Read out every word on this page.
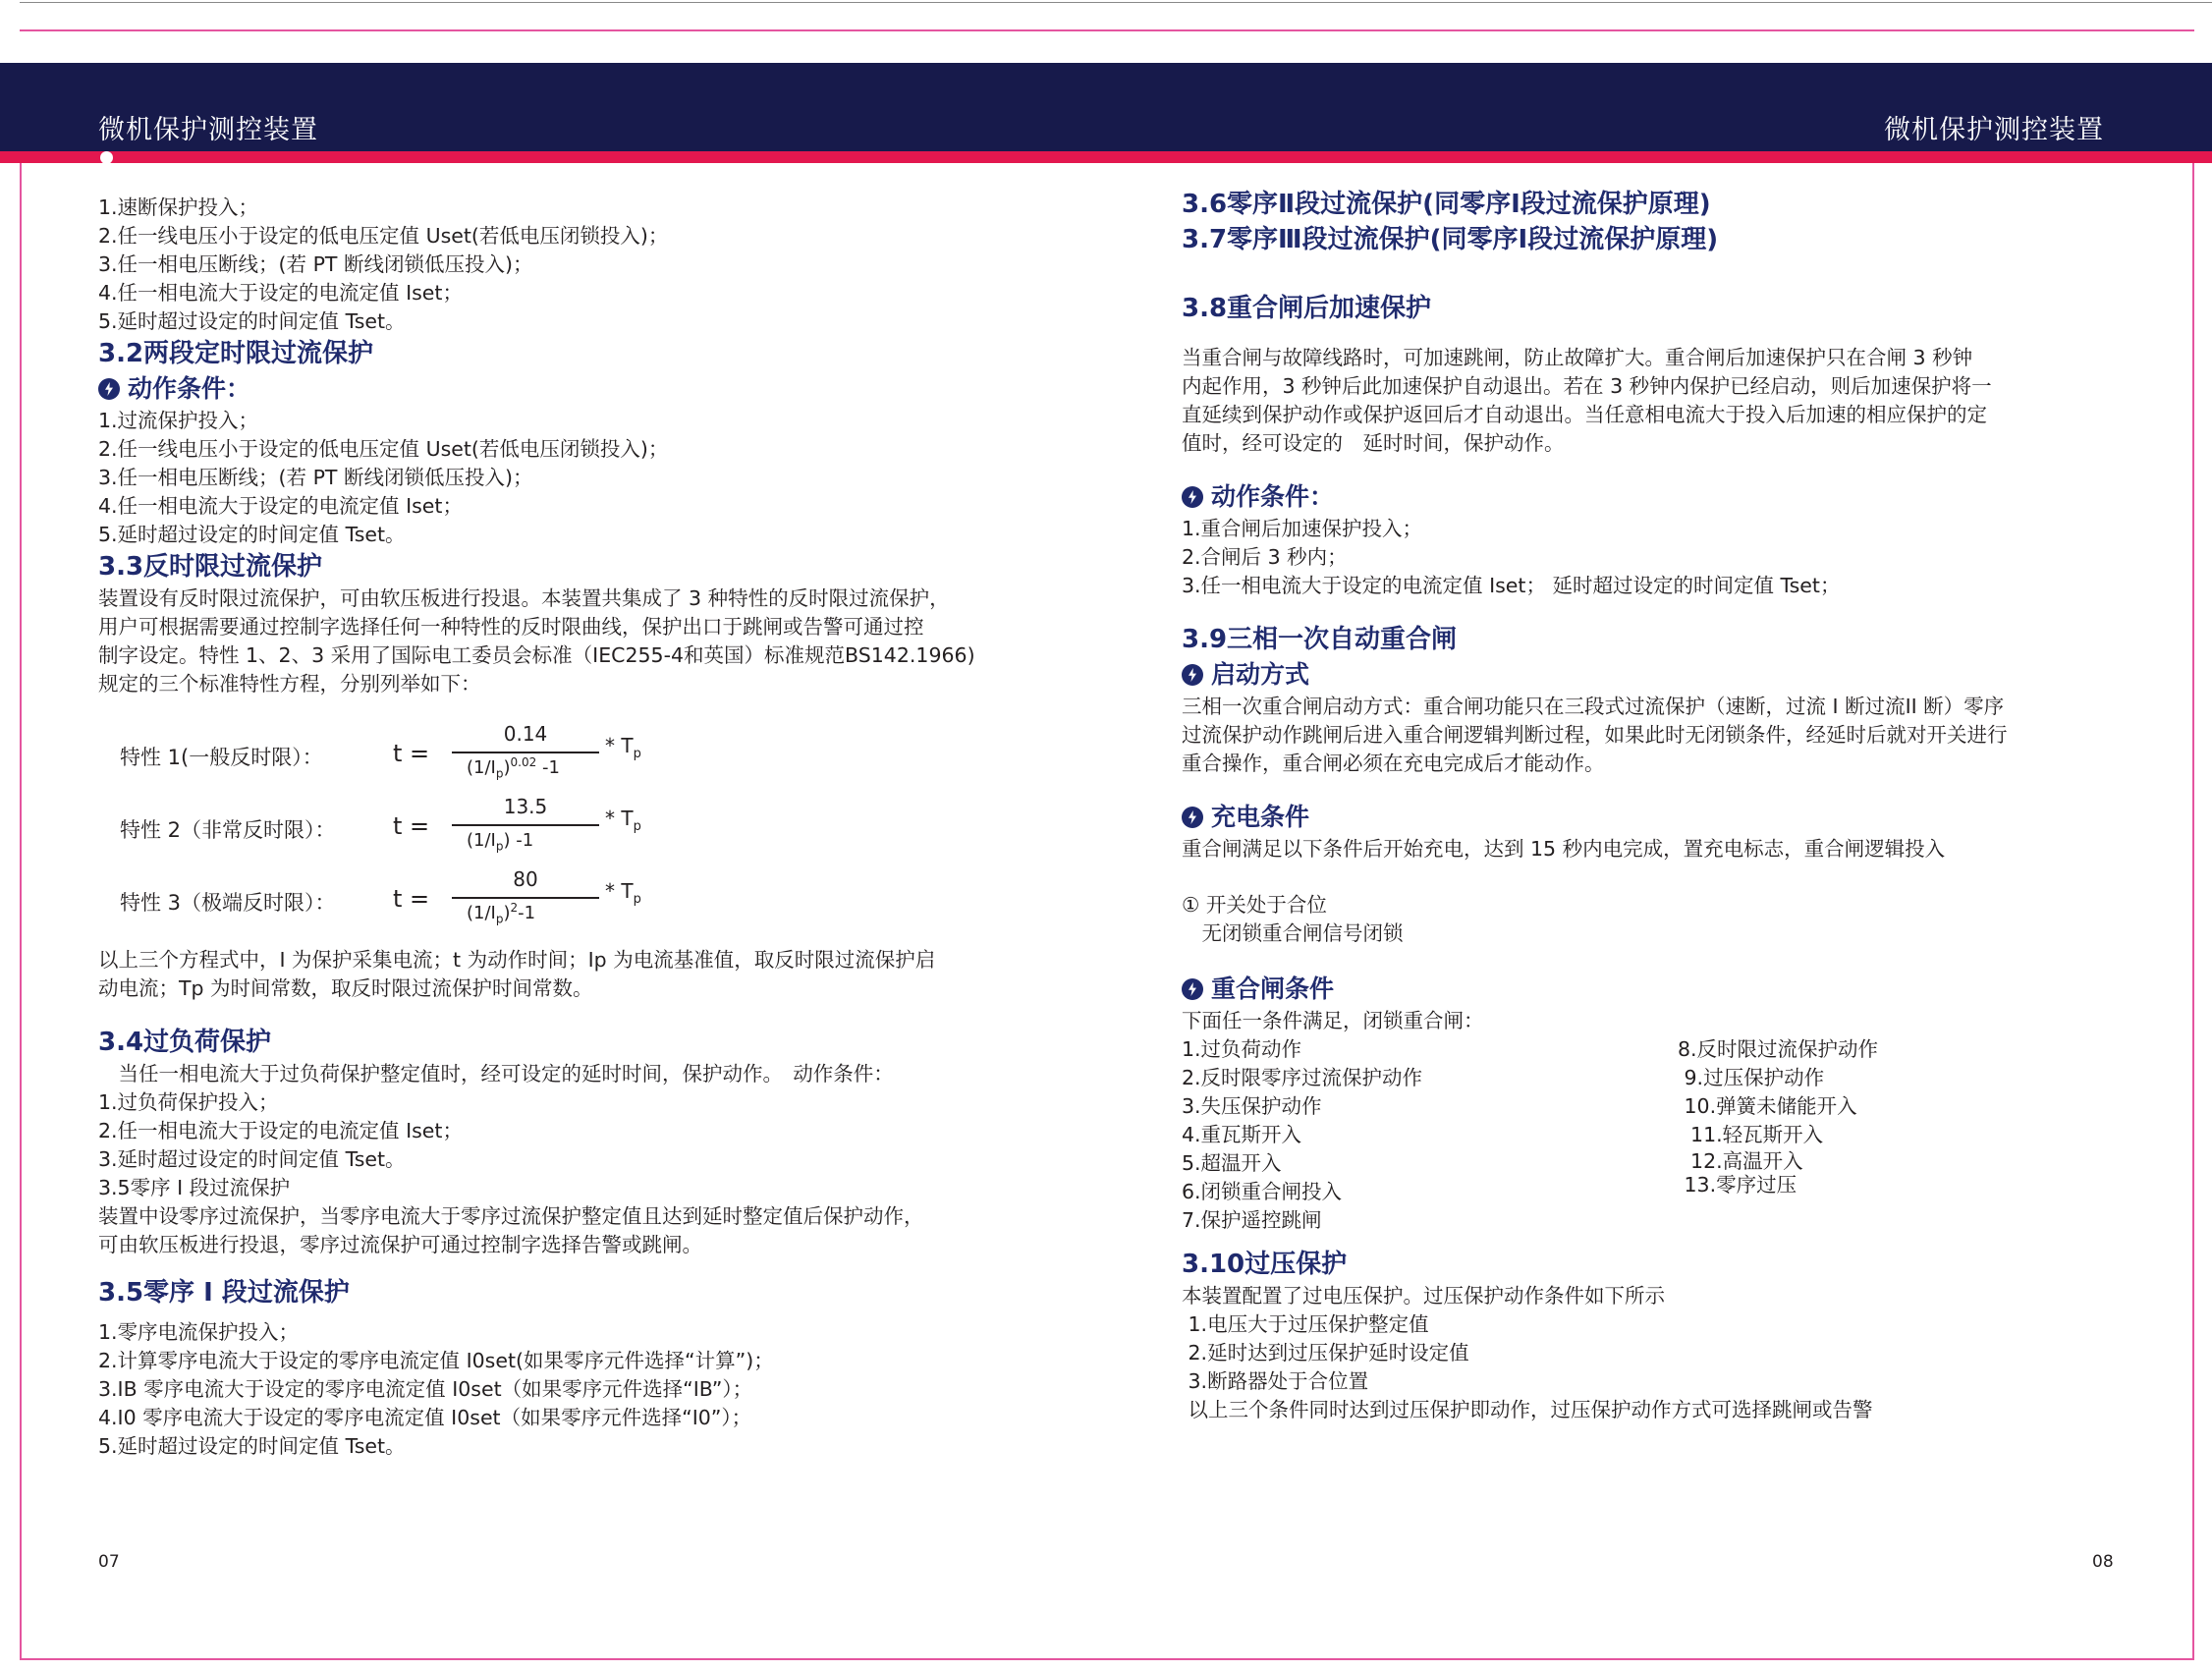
微机保护测控装置	微机保护测控装置

1.速断保护投入；

2.任一线电压小于设定的低电压定值 Uset(若低电压闭锁投入)；

3.任一相电压断线；(若 PT 断线闭锁低压投入)；

4.任一相电流大于设定的电流定值 Iset；

5.延时超过设定的时间定值 Tset。

3.2两段定时限过流保护
动作条件：

1.过流保护投入；

2.任一线电压小于设定的低电压定值 Uset(若低电压闭锁投入)；

3.任一相电压断线；(若 PT 断线闭锁低压投入)；

4.任一相电流大于设定的电流定值 Iset；

5.延时超过设定的时间定值 Tset。

3.3反时限过流保护

装置设有反时限过流保护，可由软压板进行投退。本装置共集成了 3 种特性的反时限过流保护，

用户可根据需要通过控制字选择任何一种特性的反时限曲线，保护出口于跳闸或告警可通过控

制字设定。特性 1、2、3 采用了国际电工委员会标准（IEC255-4和英国）标准规范BS142.1966)

规定的三个标准特性方程，分别列举如下：

特性 1(一般反时限）：	t =
0.14
$(1/I_p)^{0.02}$ -1
* $T_p$
特性 2（非常反时限）： t =
13.5
$(1/I_p)$ -1
* $T_p$
特性 3（极端反时限）： t =
80
$(1/I_p)^2-1$
* $T_p$

以上三个方程式中，I 为保护采集电流；t 为动作时间；Ip 为电流基准值，取反时限过流保护启

动电流；Tp 为时间常数，取反时限过流保护时间常数。

3.4过负荷保护

　当任一相电流大于过负荷保护整定值时，经可设定的延时时间，保护动作。　动作条件：

1.过负荷保护投入；

2.任一相电流大于设定的电流定值 Iset；

3.延时超过设定的时间定值 Tset。

3.5零序 I 段过流保护

装置中设零序过流保护，当零序电流大于零序过流保护整定值且达到延时整定值后保护动作，

可由软压板进行投退，零序过流保护可通过控制字选择告警或跳闸。

3.5零序 I 段过流保护

1.零序电流保护投入；

2.计算零序电流大于设定的零序电流定值 I0set(如果零序元件选择“计算”)；

3.IB 零序电流大于设定的零序电流定值 I0set（如果零序元件选择“IB”）；

4.I0 零序电流大于设定的零序电流定值 I0set（如果零序元件选择“I0”）；

5.延时超过设定的时间定值 Tset。

07
3.6零序Ⅱ段过流保护(同零序Ⅰ段过流保护原理)
3.7零序Ⅲ段过流保护(同零序Ⅰ段过流保护原理)
3.8重合闸后加速保护

当重合闸与故障线路时，可加速跳闸，防止故障扩大。重合闸后加速保护只在合闸 3 秒钟

内起作用，3 秒钟后此加速保护自动退出。若在 3 秒钟内保护已经启动，则后加速保护将一

直延续到保护动作或保护返回后才自动退出。当任意相电流大于投入后加速的相应保护的定

值时，经可设定的　延时时间，保护动作。

动作条件：

1.重合闸后加速保护投入；

2.合闸后 3 秒内；

3.任一相电流大于设定的电流定值 Iset； 延时超过设定的时间定值 Tset；

3.9三相一次自动重合闸
启动方式

三相一次重合闸启动方式：重合闸功能只在三段式过流保护（速断，过流 I 断过流II 断）零序

过流保护动作跳闸后进入重合闸逻辑判断过程，如果此时无闭锁条件，经延时后就对开关进行

重合操作，重合闸必须在充电完成后才能动作。

充电条件

重合闸满足以下条件后开始充电，达到 15 秒内电完成，置充电标志，重合闸逻辑投入

① 开关处于合位

　无闭锁重合闸信号闭锁

重合闸条件

下面任一条件满足，闭锁重合闸：

1.过负荷动作

2.反时限零序过流保护动作

3.失压保护动作

4.重瓦斯开入

5.超温开入

6.闭锁重合闸投入

7.保护遥控跳闸

8.反时限过流保护动作

9.过压保护动作

10.弹簧未储能开入

11.轻瓦斯开入

12.高温开入

13.零序过压

3.10过压保护

本装置配置了过电压保护。过压保护动作条件如下所示

1.电压大于过压保护整定值

2.延时达到过压保护延时设定值

3.断路器处于合位置

以上三个条件同时达到过压保护即动作，过压保护动作方式可选择跳闸或告警

08
